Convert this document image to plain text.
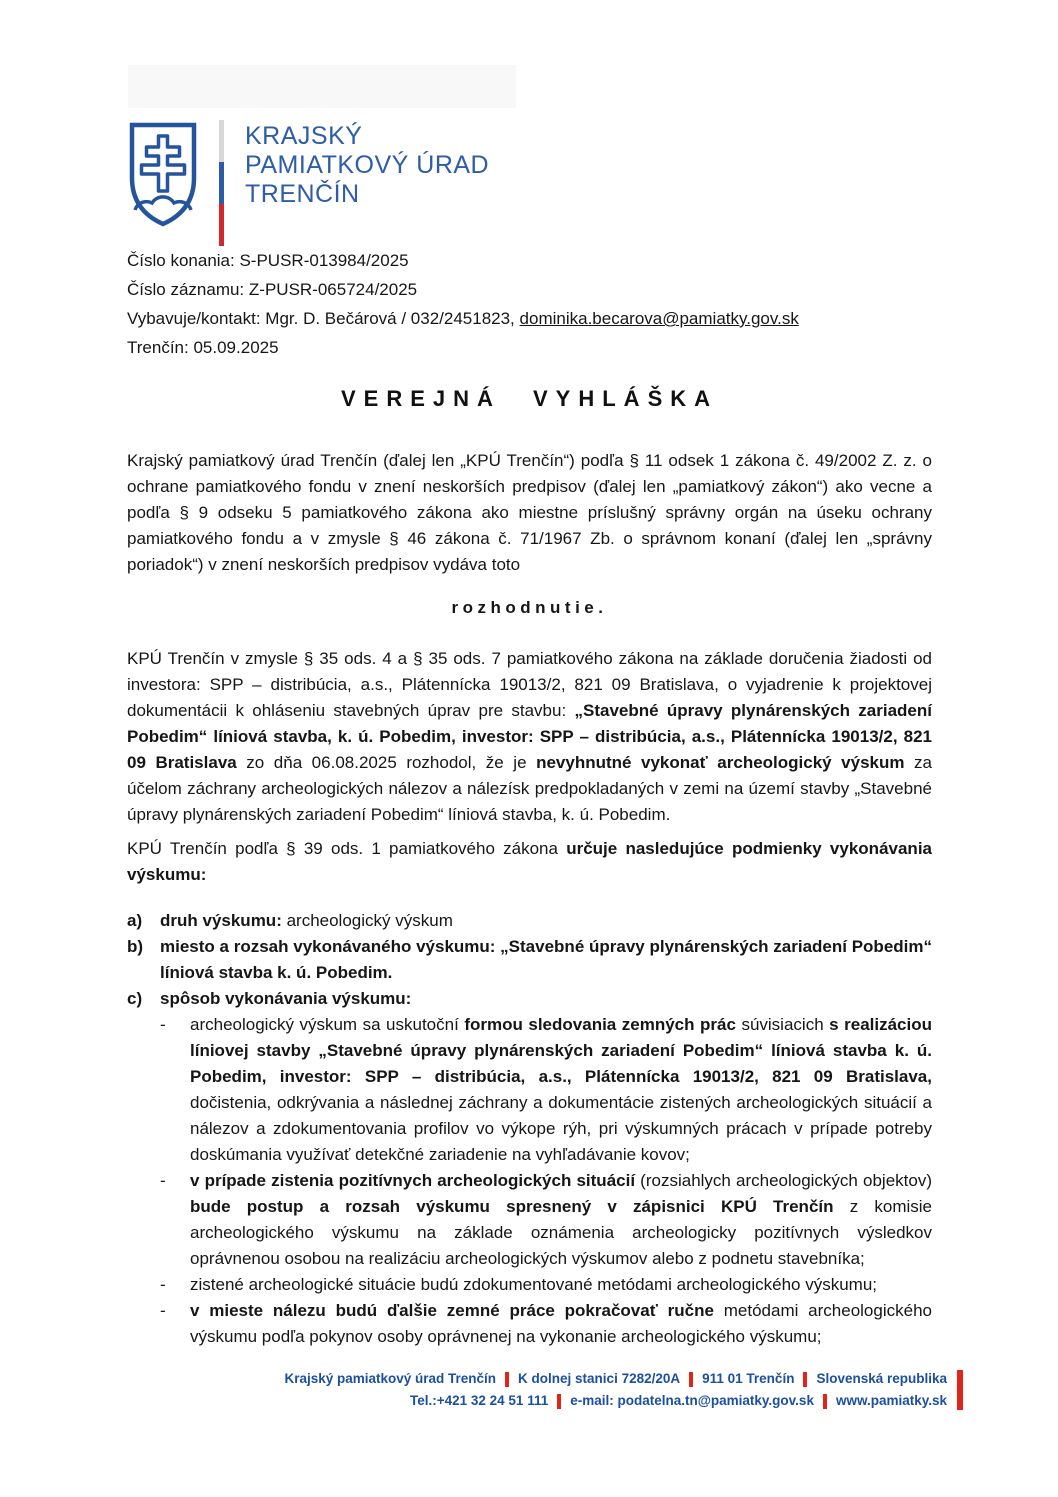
KRAJSKÝ
PAMIATKOVÝ ÚRAD
TRENČÍN
Číslo konania: S-PUSR-013984/2025
Číslo záznamu: Z-PUSR-065724/2025
Vybavuje/kontakt: Mgr. D. Bečárová / 032/2451823, dominika.becarova@pamiatky.gov.sk
Trenčín: 05.09.2025
VEREJNÁ VYHLÁŠKA

Krajský pamiatkový úrad Trenčín (ďalej len „KPÚ Trenčín“) podľa § 11 odsek 1 zákona č. 49/2002 Z. z. o ochrane pamiatkového fondu v znení neskorších predpisov (ďalej len „pamiatkový zákon“) ako vecne a podľa § 9 odseku 5 pamiatkového zákona ako miestne príslušný správny orgán na úseku ochrany pamiatkového fondu a v zmysle § 46 zákona č. 71/1967 Zb. o správnom konaní (ďalej len „správny poriadok“) v znení neskorších predpisov vydáva toto

rozhodnutie.

KPÚ Trenčín v zmysle § 35 ods. 4 a § 35 ods. 7 pamiatkového zákona na základe doručenia žiadosti od investora: SPP – distribúcia, a.s., Plátennícka 19013/2, 821 09 Bratislava, o vyjadrenie k projektovej dokumentácii k ohláseniu stavebných úprav pre stavbu: „Stavebné úpravy plynárenských zariadení Pobedim“ líniová stavba, k. ú. Pobedim, investor: SPP – distribúcia, a.s., Plátennícka 19013/2, 821 09 Bratislava zo dňa 06.08.2025 rozhodol, že je nevyhnutné vykonať archeologický výskum za účelom záchrany archeologických nálezov a nálezísk predpokladaných v zemi na území stavby „Stavebné úpravy plynárenských zariadení Pobedim“ líniová stavba, k. ú. Pobedim.

KPÚ Trenčín podľa § 39 ods. 1 pamiatkového zákona určuje nasledujúce podmienky vykonávania výskumu:

a)	druh výskumu: archeologický výskum
b) miesto a rozsah vykonávaného výskumu: „Stavebné úpravy plynárenských zariadení Pobedim“ líniová stavba k. ú. Pobedim.
c)	spôsob vykonávania výskumu:
-	archeologický výskum sa uskutoční formou sledovania zemných prác súvisiacich s realizáciou líniovej stavby „Stavebné úpravy plynárenských zariadení Pobedim“ líniová stavba k. ú. Pobedim, investor: SPP – distribúcia, a.s., Plátennícka 19013/2, 821 09 Bratislava, dočistenia, odkrývania a následnej záchrany a dokumentácie zistených archeologických situácií a nálezov a zdokumentovania profilov vo výkope rýh, pri výskumných prácach v prípade potreby doskúmania využívať detekčné zariadenie na vyhľadávanie kovov;
-	v prípade zistenia pozitívnych archeologických situácií (rozsiahlych archeologických objektov) bude postup a rozsah výskumu spresnený v zápisnici KPÚ Trenčín z komisie archeologického výskumu na základe oznámenia archeologicky pozitívnych výsledkov oprávnenou osobou na realizáciu archeologických výskumov alebo z podnetu stavebníka;
-	zistené archeologické situácie budú zdokumentované metódami archeologického výskumu;
-	v mieste nálezu budú ďalšie zemné práce pokračovať ručne metódami archeologického výskumu podľa pokynov osoby oprávnenej na vykonanie archeologického výskumu;
Krajský pamiatkový úrad Trenčín K dolnej stanici 7282/20A 911 01 Trenčín Slovenská republika
Tel.:+421 32 24 51 111 e-mail: podatelna.tn@pamiatky.gov.sk www.pamiatky.sk
